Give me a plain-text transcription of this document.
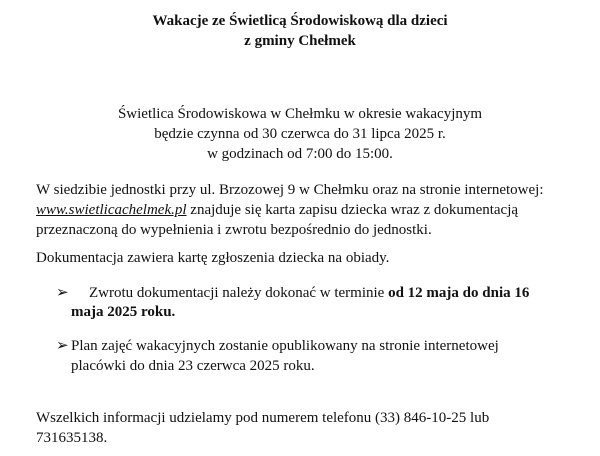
Wakacje ze Świetlicą Środowiskową dla dzieci
z gminy Chełmek
Świetlica Środowiskowa w Chełmku w okresie wakacyjnym
będzie czynna od 30 czerwca do 31 lipca 2025 r.
w godzinach od 7:00 do 15:00.
W siedzibie jednostki przy ul. Brzozowej 9 w Chełmku oraz na stronie internetowej:
www.swietlicachelmek.pl znajduje się karta zapisu dziecka wraz z dokumentacją
przeznaczoną do wypełnienia i zwrotu bezpośrednio do jednostki.
Dokumentacja zawiera kartę zgłoszenia dziecka na obiady.
➢ Zwrotu dokumentacji należy dokonać w terminie od 12 maja do dnia 16
maja 2025 roku.
➢ Plan zajęć wakacyjnych zostanie opublikowany na stronie internetowej
placówki do dnia 23 czerwca 2025 roku.
Wszelkich informacji udzielamy pod numerem telefonu (33) 846-10-25 lub
731635138.
